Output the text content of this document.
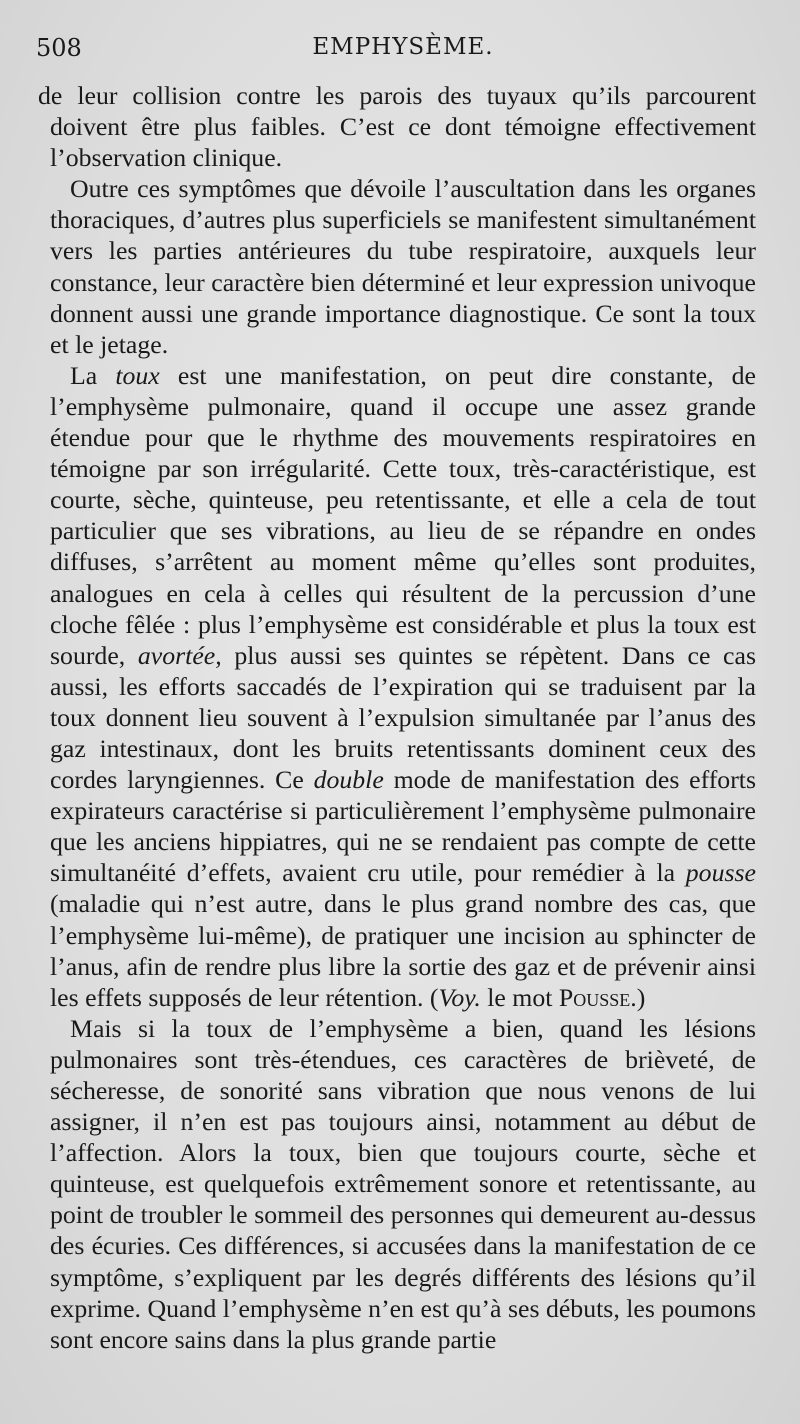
508	EMPHYSÈME.

de leur collision contre les parois des tuyaux qu’ils parcourent doivent être plus faibles. C’est ce dont témoigne effectivement l’observation clinique.

Outre ces symptômes que dévoile l’auscultation dans les organes thoraciques, d’autres plus superficiels se manifestent simultanément vers les parties antérieures du tube respiratoire, auxquels leur constance, leur caractère bien déterminé et leur expression univoque donnent aussi une grande importance diagnostique. Ce sont la toux et le jetage.

La toux est une manifestation, on peut dire constante, de l’emphysème pulmonaire, quand il occupe une assez grande étendue pour que le rhythme des mouvements respiratoires en témoigne par son irrégularité. Cette toux, très-caractéristique, est courte, sèche, quinteuse, peu retentissante, et elle a cela de tout particulier que ses vibrations, au lieu de se répandre en ondes diffuses, s’arrêtent au moment même qu’elles sont produites, analogues en cela à celles qui résultent de la percussion d’une cloche fêlée : plus l’emphysème est considérable et plus la toux est sourde, avortée, plus aussi ses quintes se répètent. Dans ce cas aussi, les efforts saccadés de l’expiration qui se traduisent par la toux donnent lieu souvent à l’expulsion simultanée par l’anus des gaz intestinaux, dont les bruits retentissants dominent ceux des cordes laryngiennes. Ce double mode de manifestation des efforts expirateurs caractérise si particulièrement l’emphysème pulmonaire que les anciens hippiatres, qui ne se rendaient pas compte de cette simultanéité d’effets, avaient cru utile, pour remédier à la pousse (maladie qui n’est autre, dans le plus grand nombre des cas, que l’emphysème lui-même), de pratiquer une incision au sphincter de l’anus, afin de rendre plus libre la sortie des gaz et de prévenir ainsi les effets supposés de leur rétention. (Voy. le mot Pousse.)

Mais si la toux de l’emphysème a bien, quand les lésions pulmonaires sont très-étendues, ces caractères de brièveté, de sécheresse, de sonorité sans vibration que nous venons de lui assigner, il n’en est pas toujours ainsi, notamment au début de l’affection. Alors la toux, bien que toujours courte, sèche et quinteuse, est quelquefois extrêmement sonore et retentissante, au point de troubler le sommeil des personnes qui demeurent au-dessus des écuries. Ces différences, si accusées dans la manifestation de ce symptôme, s’expliquent par les degrés différents des lésions qu’il exprime. Quand l’emphysème n’en est qu’à ses débuts, les poumons sont encore sains dans la plus grande partie
